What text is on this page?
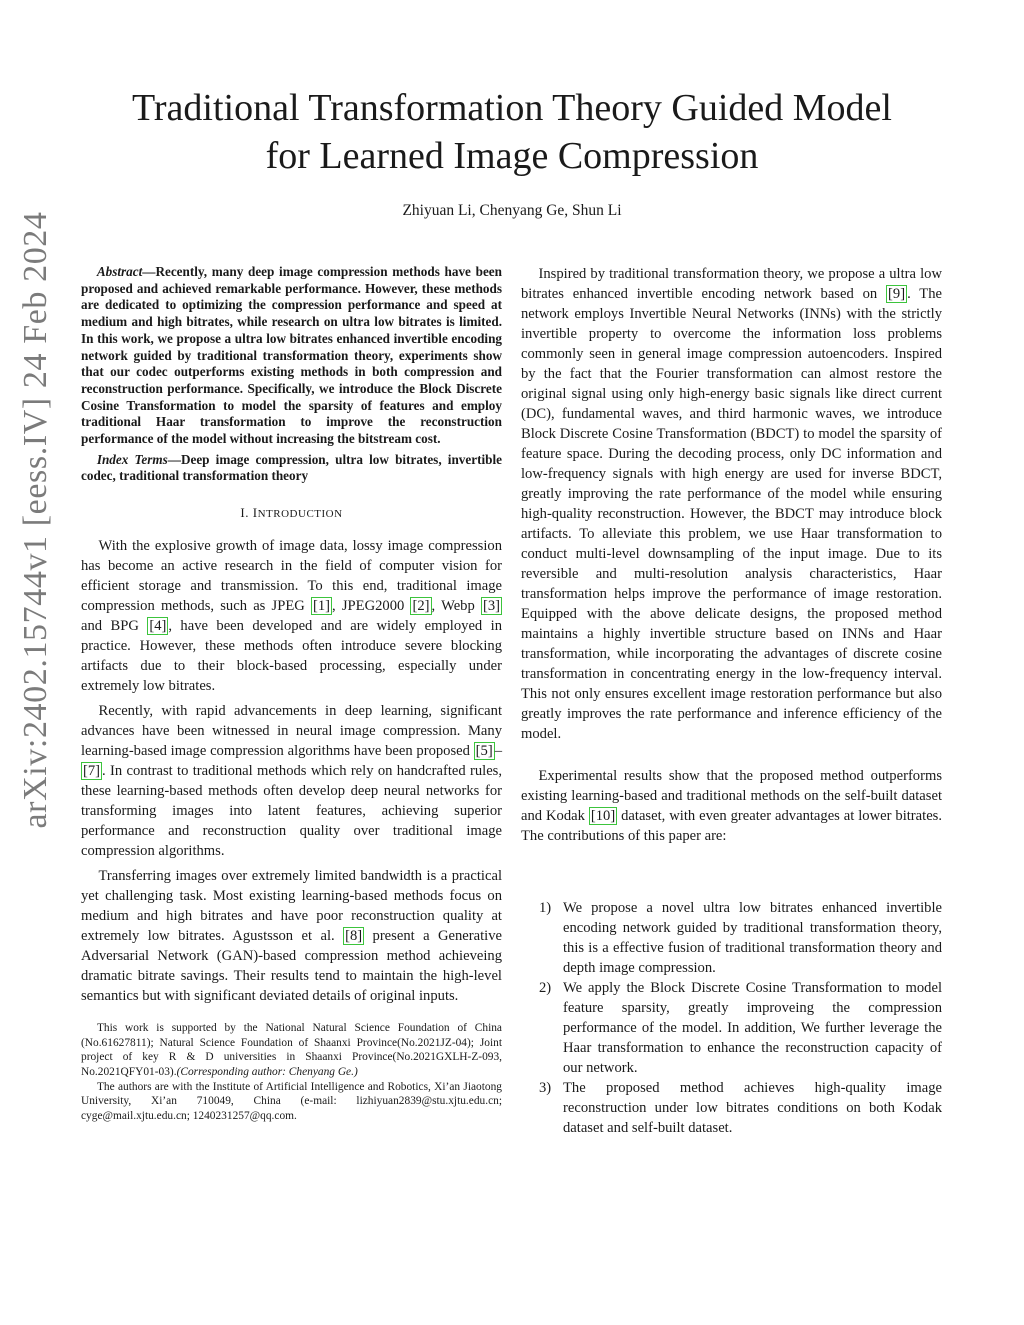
arXiv:2402.15744v1 [eess.IV] 24 Feb 2024
Traditional Transformation Theory Guided Model
for Learned Image Compression
Zhiyuan Li, Chenyang Ge, Shun Li

Abstract—Recently, many deep image compression methods have been proposed and achieved remarkable performance. However, these methods are dedicated to optimizing the compression performance and speed at medium and high bitrates, while research on ultra low bitrates is limited. In this work, we propose a ultra low bitrates enhanced invertible encoding network guided by traditional transformation theory, experiments show that our codec outperforms existing methods in both compression and reconstruction performance. Specifically, we introduce the Block Discrete Cosine Transformation to model the sparsity of features and employ traditional Haar transformation to improve the reconstruction performance of the model without increasing the bitstream cost.

Index Terms—Deep image compression, ultra low bitrates, invertible codec, traditional transformation theory

I. INTRODUCTION

With the explosive growth of image data, lossy image compression has become an active research in the field of computer vision for efficient storage and transmission. To this end, traditional image compression methods, such as JPEG [1] , JPEG2000 [2] , Webp [3] and BPG [4] , have been developed and are widely employed in practice. However, these methods often introduce severe blocking artifacts due to their block-based processing, especially under extremely low bitrates.

Recently, with rapid advancements in deep learning, significant advances have been witnessed in neural image compression. Many learning-based image compression algorithms have been proposed [5] –[7] . In contrast to traditional methods which rely on handcrafted rules, these learning-based methods often develop deep neural networks for transforming images into latent features, achieving superior performance and reconstruction quality over traditional image compression algorithms.

Transferring images over extremely limited bandwidth is a practical yet challenging task. Most existing learning-based methods focus on medium and high bitrates and have poor reconstruction quality at extremely low bitrates. Agustsson et al. [8] present a Generative Adversarial Network (GAN)-based compression method achieveing dramatic bitrate savings. Their results tend to maintain the high-level semantics but with significant deviated details of original inputs.

This work is supported by the National Natural Science Foundation of China (No.61627811); Natural Science Foundation of Shaanxi Province(No.2021JZ-04); Joint project of key R & D universities in Shaanxi Province(No.2021GXLH-Z-093, No.2021QFY01-03).(Corresponding author: Chenyang Ge.)

The authors are with the Institute of Artificial Intelligence and Robotics, Xi’an Jiaotong University, Xi’an 710049, China (e-mail: lizhiyuan2839@stu.xjtu.edu.cn; cyge@mail.xjtu.edu.cn; 1240231257@qq.com.

Inspired by traditional transformation theory, we propose a ultra low bitrates enhanced invertible encoding network based on [9] . The network employs Invertible Neural Networks (INNs) with the strictly invertible property to overcome the information loss problems commonly seen in general image compression autoencoders. Inspired by the fact that the Fourier transformation can almost restore the original signal using only high-energy basic signals like direct current (DC), fundamental waves, and third harmonic waves, we introduce Block Discrete Cosine Transformation (BDCT) to model the sparsity of feature space. During the decoding process, only DC information and low-frequency signals with high energy are used for inverse BDCT, greatly improving the rate performance of the model while ensuring high-quality reconstruction. However, the BDCT may introduce block artifacts. To alleviate this problem, we use Haar transformation to conduct multi-level downsampling of the input image. Due to its reversible and multi-resolution analysis characteristics, Haar transformation helps improve the performance of image restoration. Equipped with the above delicate designs, the proposed method maintains a highly invertible structure based on INNs and Haar transformation, while incorporating the advantages of discrete cosine transformation in concentrating energy in the low-frequency interval. This not only ensures excellent image restoration performance but also greatly improves the rate performance and inference efficiency of the model.

Experimental results show that the proposed method outperforms existing learning-based and traditional methods on the self-built dataset and Kodak [10] dataset, with even greater advantages at lower bitrates. The contributions of this paper are:

1) We propose a novel ultra low bitrates enhanced invertible encoding network guided by traditional transformation theory, this is a effective fusion of traditional transformation theory and depth image compression.
2) We apply the Block Discrete Cosine Transformation to model feature sparsity, greatly improveing the compression performance of the model. In addition, We further leverage the Haar transformation to enhance the reconstruction capacity of our network.
3) The proposed method achieves high-quality image reconstruction under low bitrates conditions on both Kodak dataset and self-built dataset.
